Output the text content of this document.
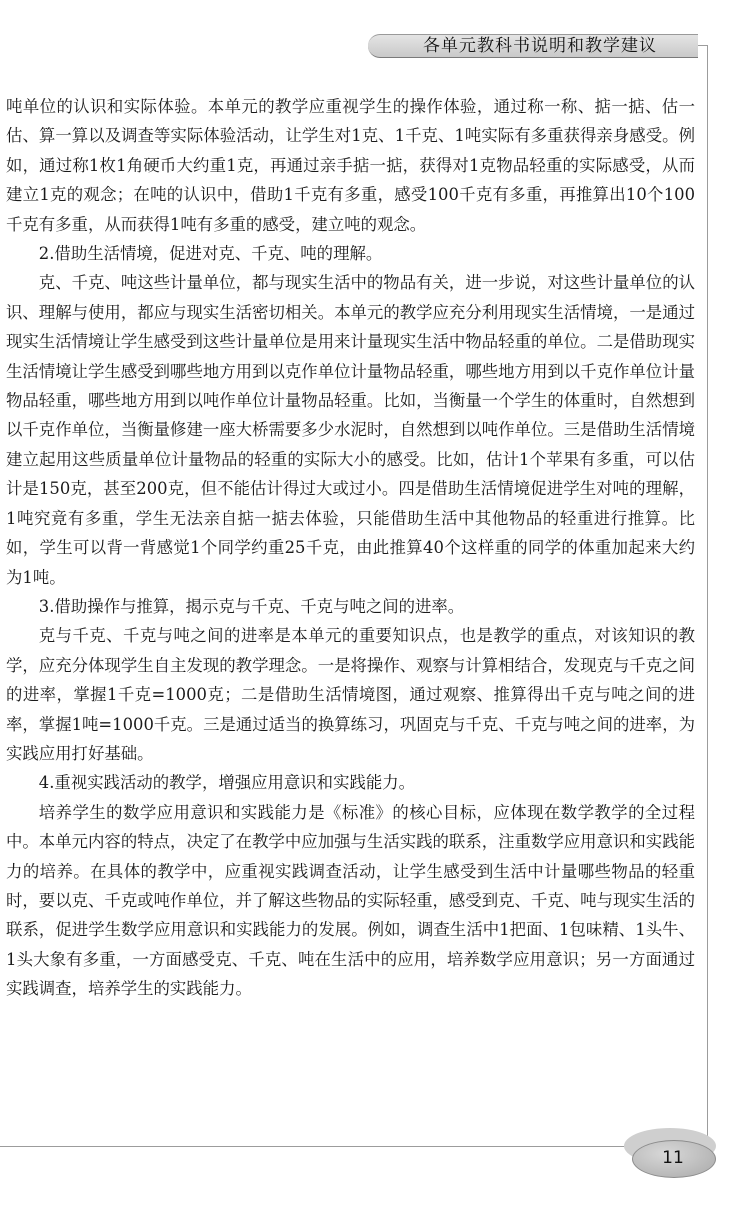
各单元教科书说明和教学建议

吨单位的认识和实际体验。本单元的教学应重视学生的操作体验，通过称一称、掂一掂、估一估、算一算以及调查等实际体验活动，让学生对1克、1千克、1吨实际有多重获得亲身感受。例如，通过称1枚1角硬币大约重1克，再通过亲手掂一掂，获得对1克物品轻重的实际感受，从而建立1克的观念；在吨的认识中，借助1千克有多重，感受100千克有多重，再推算出10个100千克有多重，从而获得1吨有多重的感受，建立吨的观念。

2.借助生活情境，促进对克、千克、吨的理解。

克、千克、吨这些计量单位，都与现实生活中的物品有关，进一步说，对这些计量单位的认识、理解与使用，都应与现实生活密切相关。本单元的教学应充分利用现实生活情境，一是通过现实生活情境让学生感受到这些计量单位是用来计量现实生活中物品轻重的单位。二是借助现实生活情境让学生感受到哪些地方用到以克作单位计量物品轻重，哪些地方用到以千克作单位计量物品轻重，哪些地方用到以吨作单位计量物品轻重。比如，当衡量一个学生的体重时，自然想到以千克作单位，当衡量修建一座大桥需要多少水泥时，自然想到以吨作单位。三是借助生活情境建立起用这些质量单位计量物品的轻重的实际大小的感受。比如，估计1个苹果有多重，可以估计是150克，甚至200克，但不能估计得过大或过小。四是借助生活情境促进学生对吨的理解，1吨究竟有多重，学生无法亲自掂一掂去体验，只能借助生活中其他物品的轻重进行推算。比如，学生可以背一背感觉1个同学约重25千克，由此推算40个这样重的同学的体重加起来大约为1吨。

3.借助操作与推算，揭示克与千克、千克与吨之间的进率。

克与千克、千克与吨之间的进率是本单元的重要知识点，也是教学的重点，对该知识的教学，应充分体现学生自主发现的教学理念。一是将操作、观察与计算相结合，发现克与千克之间的进率，掌握1千克=1000克；二是借助生活情境图，通过观察、推算得出千克与吨之间的进率，掌握1吨=1000千克。三是通过适当的换算练习，巩固克与千克、千克与吨之间的进率，为实践应用打好基础。

4.重视实践活动的教学，增强应用意识和实践能力。

培养学生的数学应用意识和实践能力是《标准》的核心目标，应体现在数学教学的全过程中。本单元内容的特点，决定了在教学中应加强与生活实践的联系，注重数学应用意识和实践能力的培养。在具体的教学中，应重视实践调查活动，让学生感受到生活中计量哪些物品的轻重时，要以克、千克或吨作单位，并了解这些物品的实际轻重，感受到克、千克、吨与现实生活的联系，促进学生数学应用意识和实践能力的发展。例如，调查生活中1把面、1包味精、1头牛、1头大象有多重，一方面感受克、千克、吨在生活中的应用，培养数学应用意识；另一方面通过实践调查，培养学生的实践能力。

11
